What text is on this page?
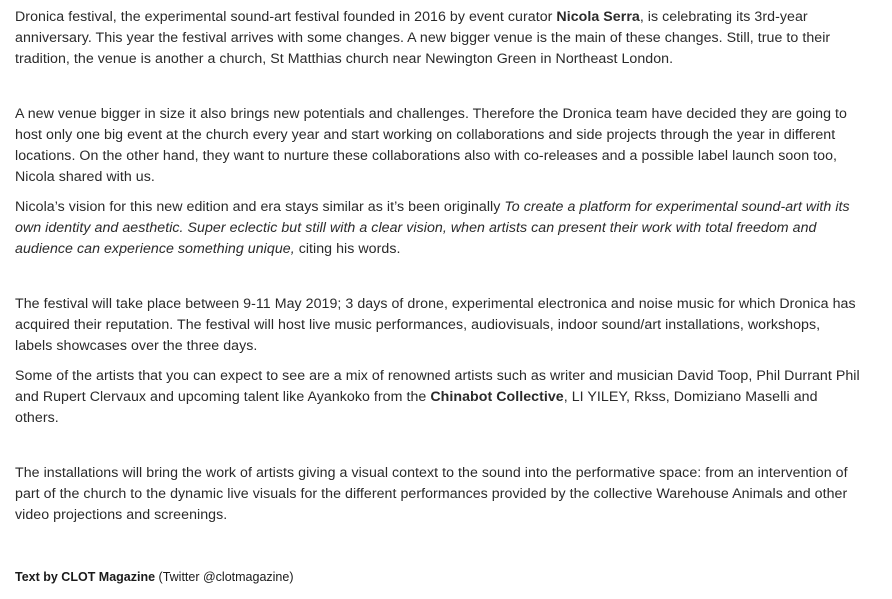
Dronica festival, the experimental sound-art festival founded in 2016 by event curator Nicola Serra, is celebrating its 3rd-year anniversary. This year the festival arrives with some changes. A new bigger venue is the main of these changes. Still, true to their tradition, the venue is another a church, St Matthias church near Newington Green in Northeast London.

A new venue bigger in size it also brings new potentials and challenges. Therefore the Dronica team have decided they are going to host only one big event at the church every year and start working on collaborations and side projects through the year in different locations. On the other hand, they want to nurture these collaborations also with co-releases and a possible label launch soon too, Nicola shared with us.

Nicola’s vision for this new edition and era stays similar as it’s been originally To create a platform for experimental sound-art with its own identity and aesthetic. Super eclectic but still with a clear vision, when artists can present their work with total freedom and audience can experience something unique, citing his words.

The festival will take place between 9-11 May 2019; 3 days of drone, experimental electronica and noise music for which Dronica has acquired their reputation. The festival will host live music performances, audiovisuals, indoor sound/art installations, workshops, labels showcases over the three days.

Some of the artists that you can expect to see are a mix of renowned artists such as writer and musician David Toop, Phil Durrant Phil and Rupert Clervaux and upcoming talent like Ayankoko from the Chinabot Collective, LI YILEY, Rkss, Domiziano Maselli and others.

The installations will bring the work of artists giving a visual context to the sound into the performative space: from an intervention of part of the church to the dynamic live visuals for the different performances provided by the collective Warehouse Animals and other video projections and screenings.

Text by CLOT Magazine (Twitter @clotmagazine)
